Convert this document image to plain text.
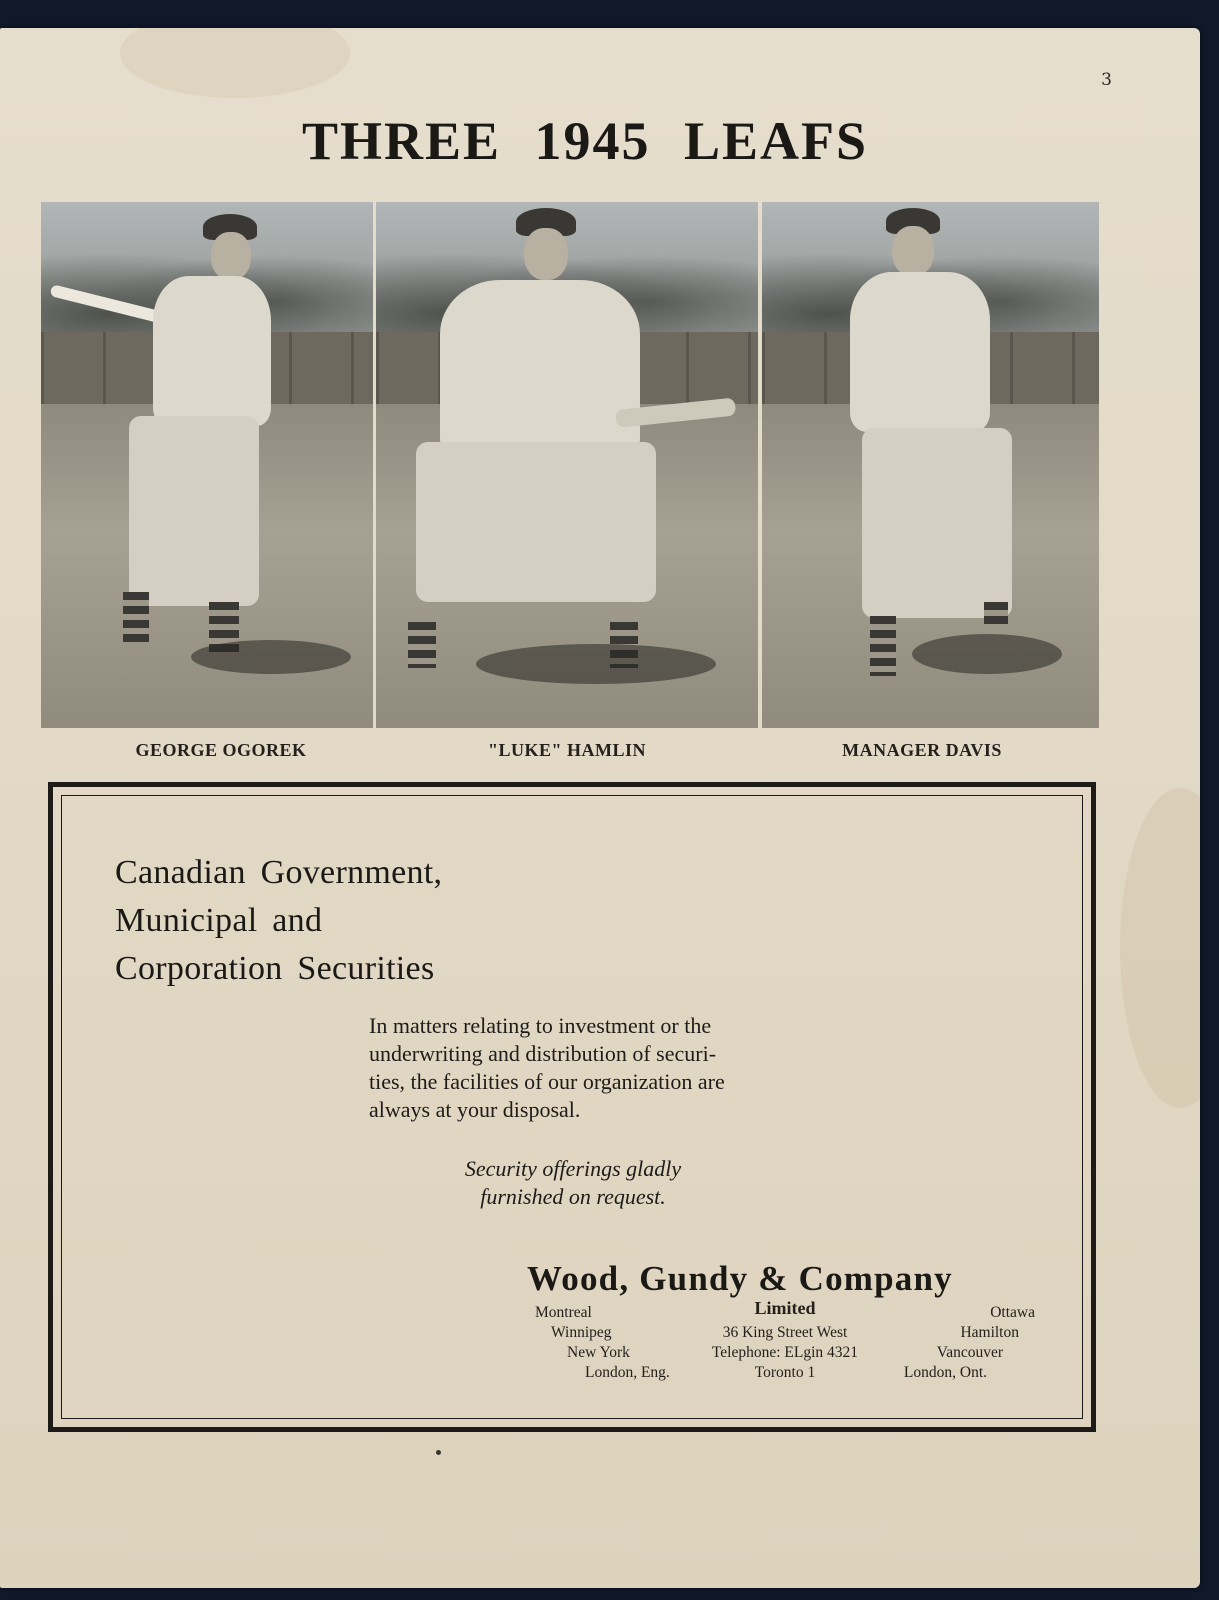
3
THREE 1945 LEAFS
GEORGE OGOREK	"LUKE" HAMLIN	MANAGER DAVIS
Canadian Government,
Municipal and
Corporation Securities
In matters relating to investment or the
underwriting and distribution of securi-
ties, the facilities of our organization are
always at your disposal.
Security offerings gladly
furnished on request.
Wood, Gundy & Company
Montreal
Winnipeg
New York
London, Eng.
Limited
36 King Street West
Telephone: ELgin 4321
Toronto 1
Ottawa
Hamilton
Vancouver
London, Ont.
